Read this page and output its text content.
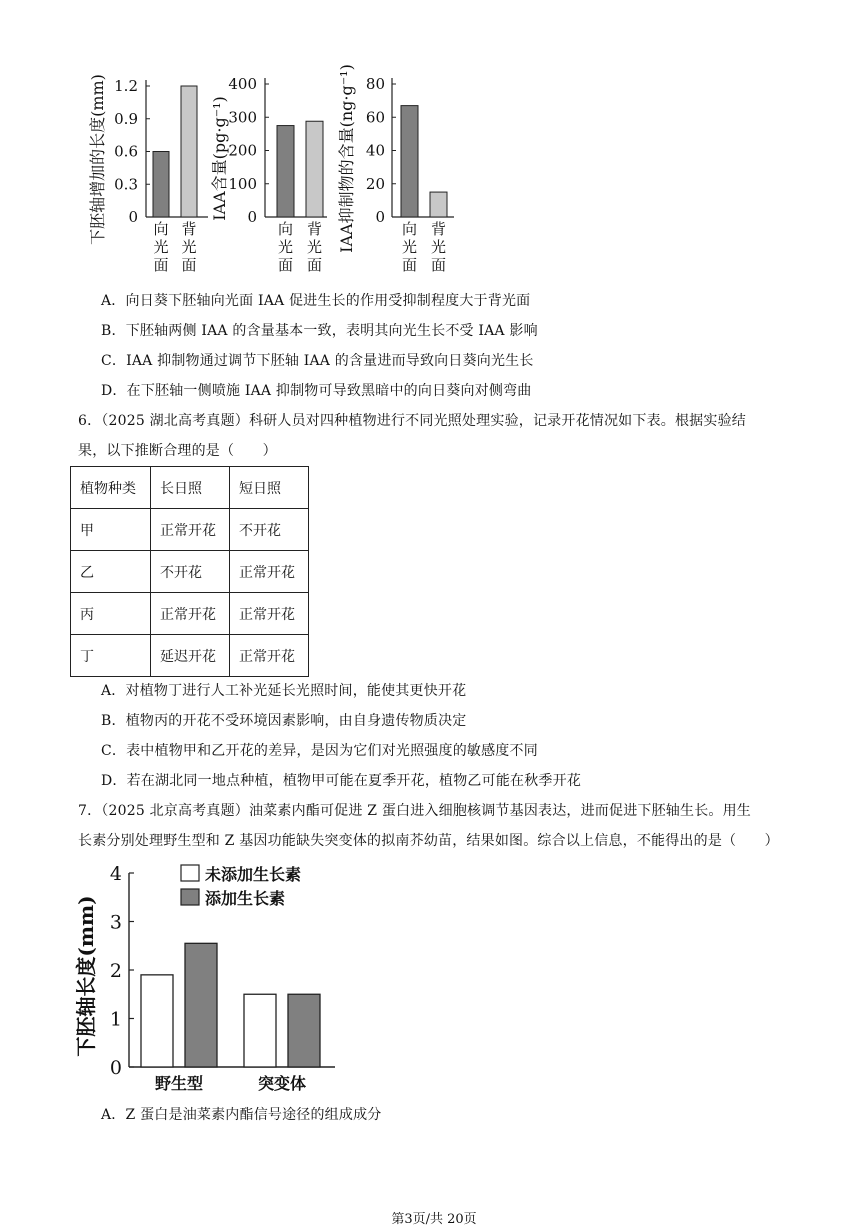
1.2
0.9
0.6
0.3
0
向
光
面
背
光
面
下胚轴增加的长度(mm)	400
300
200
100
0
向
光
面
背
光
面
IAA含量(pg·g⁻¹)
80
60
40
20
0
向
光
面
背
光
面
IAA抑制物的含量(ng·g⁻¹)
A．向日葵下胚轴向光面 IAA 促进生长的作用受抑制程度大于背光面
B．下胚轴两侧 IAA 的含量基本一致，表明其向光生长不受 IAA 影响
C．IAA 抑制物通过调节下胚轴 IAA 的含量进而导致向日葵向光生长
D．在下胚轴一侧喷施 IAA 抑制物可导致黑暗中的向日葵向对侧弯曲
6．（2025 湖北高考真题）科研人员对四种植物进行不同光照处理实验，记录开花情况如下表。根据实验结
果，以下推断合理的是（　　）
植物种类	长日照	短日照
甲	正常开花	不开花
乙	不开花	正常开花
丙	正常开花	正常开花
丁	延迟开花	正常开花
A．对植物丁进行人工补光延长光照时间，能使其更快开花
B．植物丙的开花不受环境因素影响，由自身遗传物质决定
C．表中植物甲和乙开花的差异，是因为它们对光照强度的敏感度不同
D．若在湖北同一地点种植，植物甲可能在夏季开花，植物乙可能在秋季开花
7．（2025 北京高考真题）油菜素内酯可促进 Z 蛋白进入细胞核调节基因表达，进而促进下胚轴生长。用生
长素分别处理野生型和 Z 基因功能缺失突变体的拟南芥幼苗，结果如图。综合以上信息，不能得出的是（　　）
4
3
2
1
0
下胚轴长度(mm)
野生型	突变体
未添加生长素
添加生长素
A．Z 蛋白是油菜素内酯信号途径的组成成分
第3页/共 20页
